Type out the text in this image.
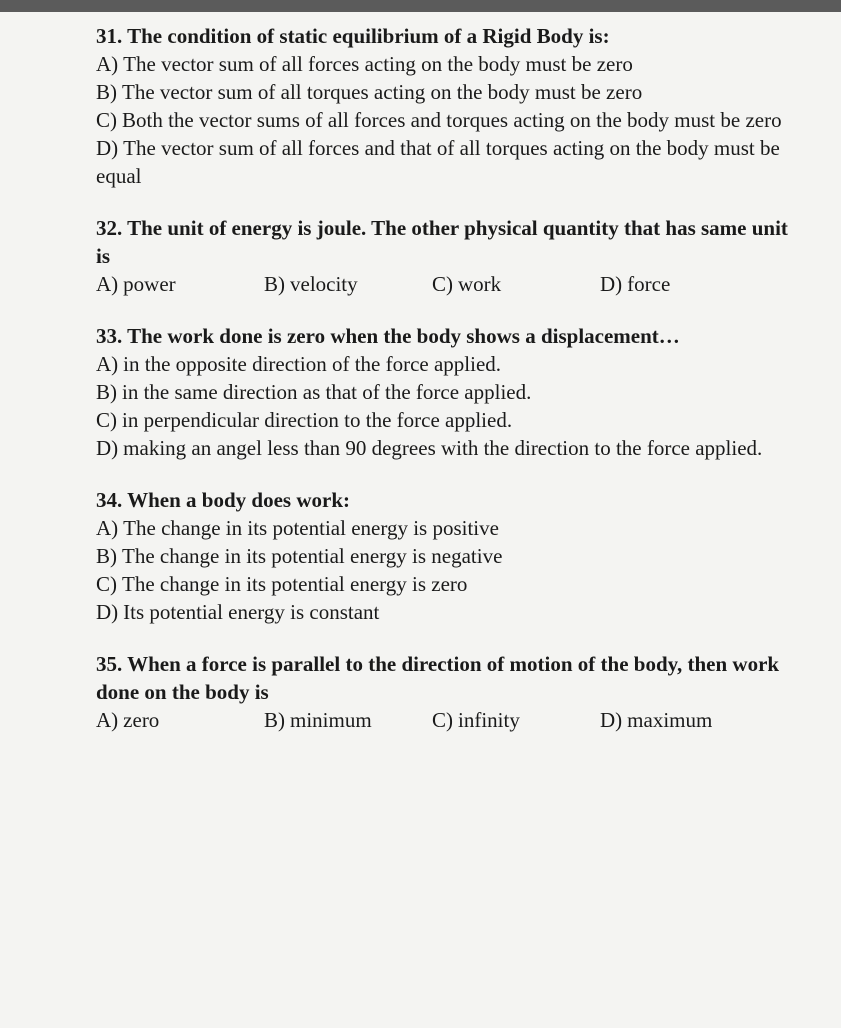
31. The condition of static equilibrium of a Rigid Body is:

A) The vector sum of all forces acting on the body must be zero

B) The vector sum of all torques acting on the body must be zero

C) Both the vector sums of all forces and torques acting on the body must be zero

D) The vector sum of all forces and that of all torques acting on the body must be equal

32. The unit of energy is joule. The other physical quantity that has same unit is

A) power	B) velocity	C) work	D) force

33. The work done is zero when the body shows a displacement…

A) in the opposite direction of the force applied.

B) in the same direction as that of the force applied.

C) in perpendicular direction to the force applied.

D) making an angel less than 90 degrees with the direction to the force applied.

34. When a body does work:

A) The change in its potential energy is positive

B) The change in its potential energy is negative

C) The change in its potential energy is zero

D) Its potential energy is constant

35. When a force is parallel to the direction of motion of the body, then work done on the body is

A) zero	B) minimum	C) infinity	D) maximum
